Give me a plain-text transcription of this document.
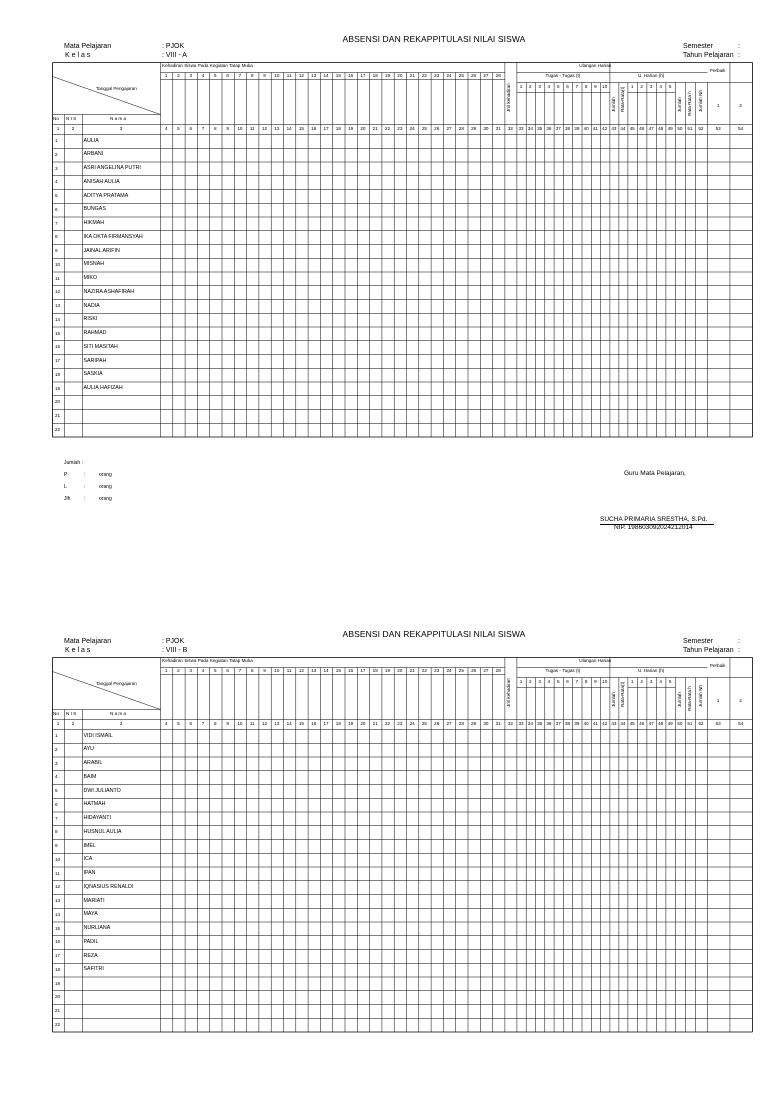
ABSENSI DAN REKAPPITULASI NILAI SISWA
Mata Pelajaran
K e l a s
: PJOK
: VIII - A
Semester
Tahun Pelajaran
:
:
Kehadiran Siswa Pada Kegiatan Tatap Muka
Tanggal Pengajaran
No N I S	N a m a
1	2	3	4	5	6	7	8	9	10	11	12	13	14	15	16	17	18	19	20	21	22	23	24	25	26	27	28
Ulangan Harian
Perbaik
Tugas - Tugas (t)	U. Harian (h)
1	2	3	4	5	6	7	8	9	10	1	2	3	4	5
1	2
Jml kehadiran	Jumlah Rata-Rata(t)	Jumlah Rata-Rata h Jumlah Nh
1	2	3	4	5	6	7	8	9	10	11	12	13	14	15	16	17	18	19	20	21	22	23	24	25	26	27	28	29	30	31	32	33 34 35 36 37 38 39 40 41 42 43 44 45 46 47 48 49	50	51	52	53	54
1	AULIA
2	ARBANI
3	ASRI ANGELINA PUTRI
4	ANISAH AULIA
5	ADITYA PRATAMA
6	BUNGAS
7	HIKMAH
8	IKA OKTA FIRMANSYAH
9	JAINAL ARIFIN
10	MISNAH
11	MIKO
12	NAZIRA ASHAFIRAH
13	NADIA
14	RISKI
15	RAHMAD
16	SITI MASITAH
17	SARIPAH
18	SASKIA
19	AULIA HAFIZAH
20
21
22
Jumlah :
P	:	orang
L	:	orang
Jlh	:	orang
Guru Mata Pelajaran,
SUCHA PRIMARIA SRESTHA, S.Pd.
NIP. 198603092024212014
ABSENSI DAN REKAPPITULASI NILAI SISWA
Mata Pelajaran
K e l a s
: PJOK
: VIII - B
Semester
Tahun Pelajaran
:
:
Kehadiran Siswa Pada Kegiatan Tatap Muka
Tanggal Pengajaran
No N I S	N a m a
1	2	3	4	5	6	7	8	9	10	11	12	13	14	15	16	17	18	19	20	21	22	23	24	25	26	27	28
Ulangan Harian
Perbaik
Tugas - Tugas (t)	U. Harian (h)
1	2	3	4	5	6	7	8	9	10	1	2	3	4	5
1	2
Jml kehadiran	Jumlah Rata-Rata(t)	Jumlah Rata-Rata h Jumlah Nh
1	2	3	4	5	6	7	8	9	10	11	12	13	14	15	16	17	18	19	20	21	22	23	24	25	26	27	28	29	30	31	32	33 34 35 36 37 38 39 40 41 42 43 44 45 46 47 48 49	50	51	52	53	54
1	VIDI ISMAIL
2	AYU
3	ARABIL
4	BAIM
5	DWI JULIANTO
6	HATMAH
7	HIDAYANTI
8	HUSNUL AULIA
9	IMEL
10	ICA
11	IPAN
12	IQNASIUS RENALDI
13	MARIATI
14	MAYA
15	NURLIANA
16	PADIL
17	REZA
18	SAFITRI
19
20
21
22
